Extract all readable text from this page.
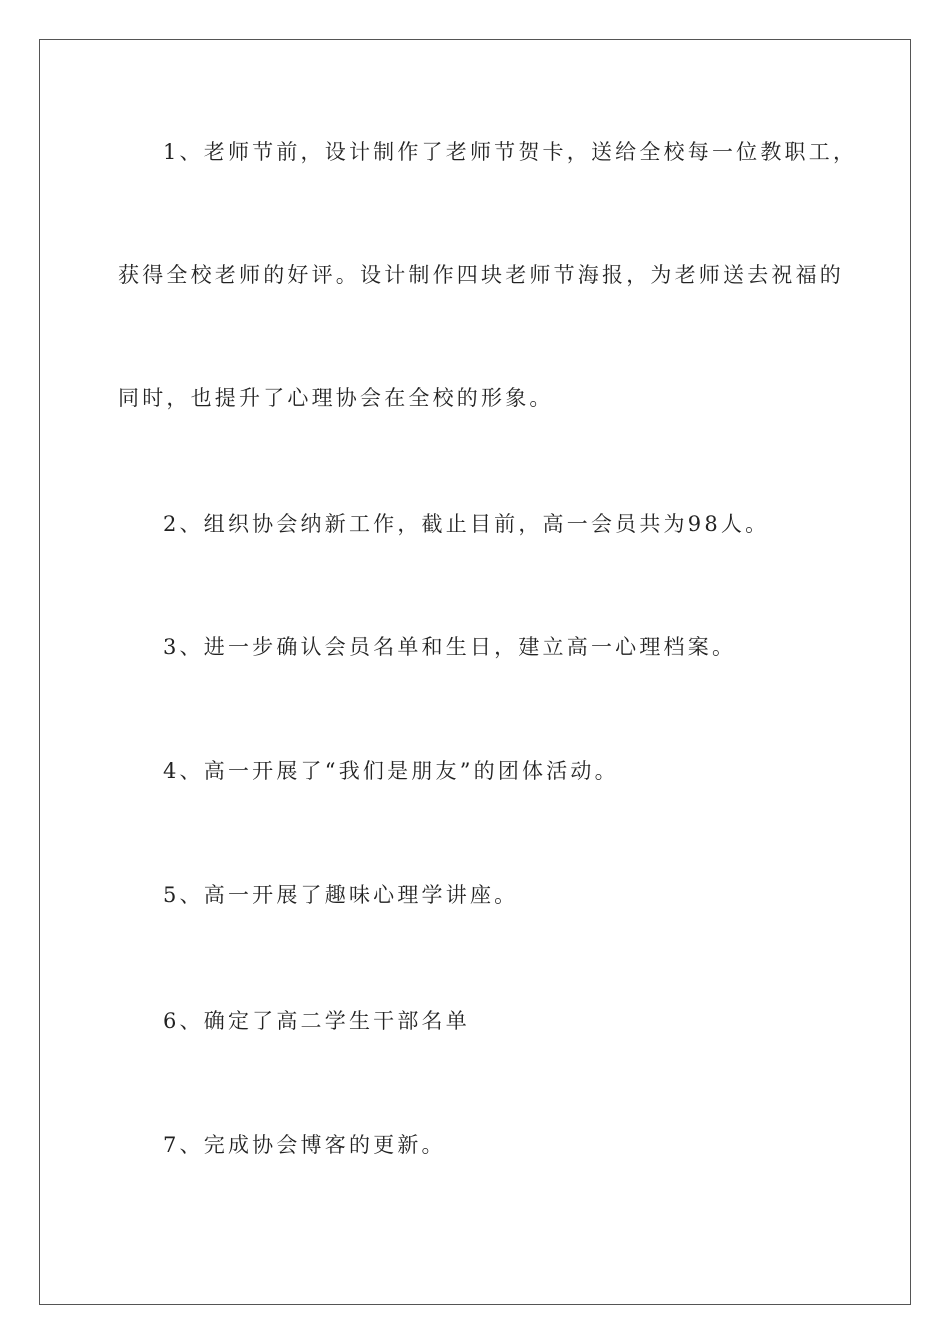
1、老师节前，设计制作了老师节贺卡，送给全校每一位教职工，
获得全校老师的好评。设计制作四块老师节海报，为老师送去祝福的
同时，也提升了心理协会在全校的形象。
2、组织协会纳新工作，截止目前，高一会员共为98人。
3、进一步确认会员名单和生日，建立高一心理档案。
4、高一开展了“我们是朋友”的团体活动。
5、高一开展了趣味心理学讲座。
6、确定了高二学生干部名单
7、完成协会博客的更新。
